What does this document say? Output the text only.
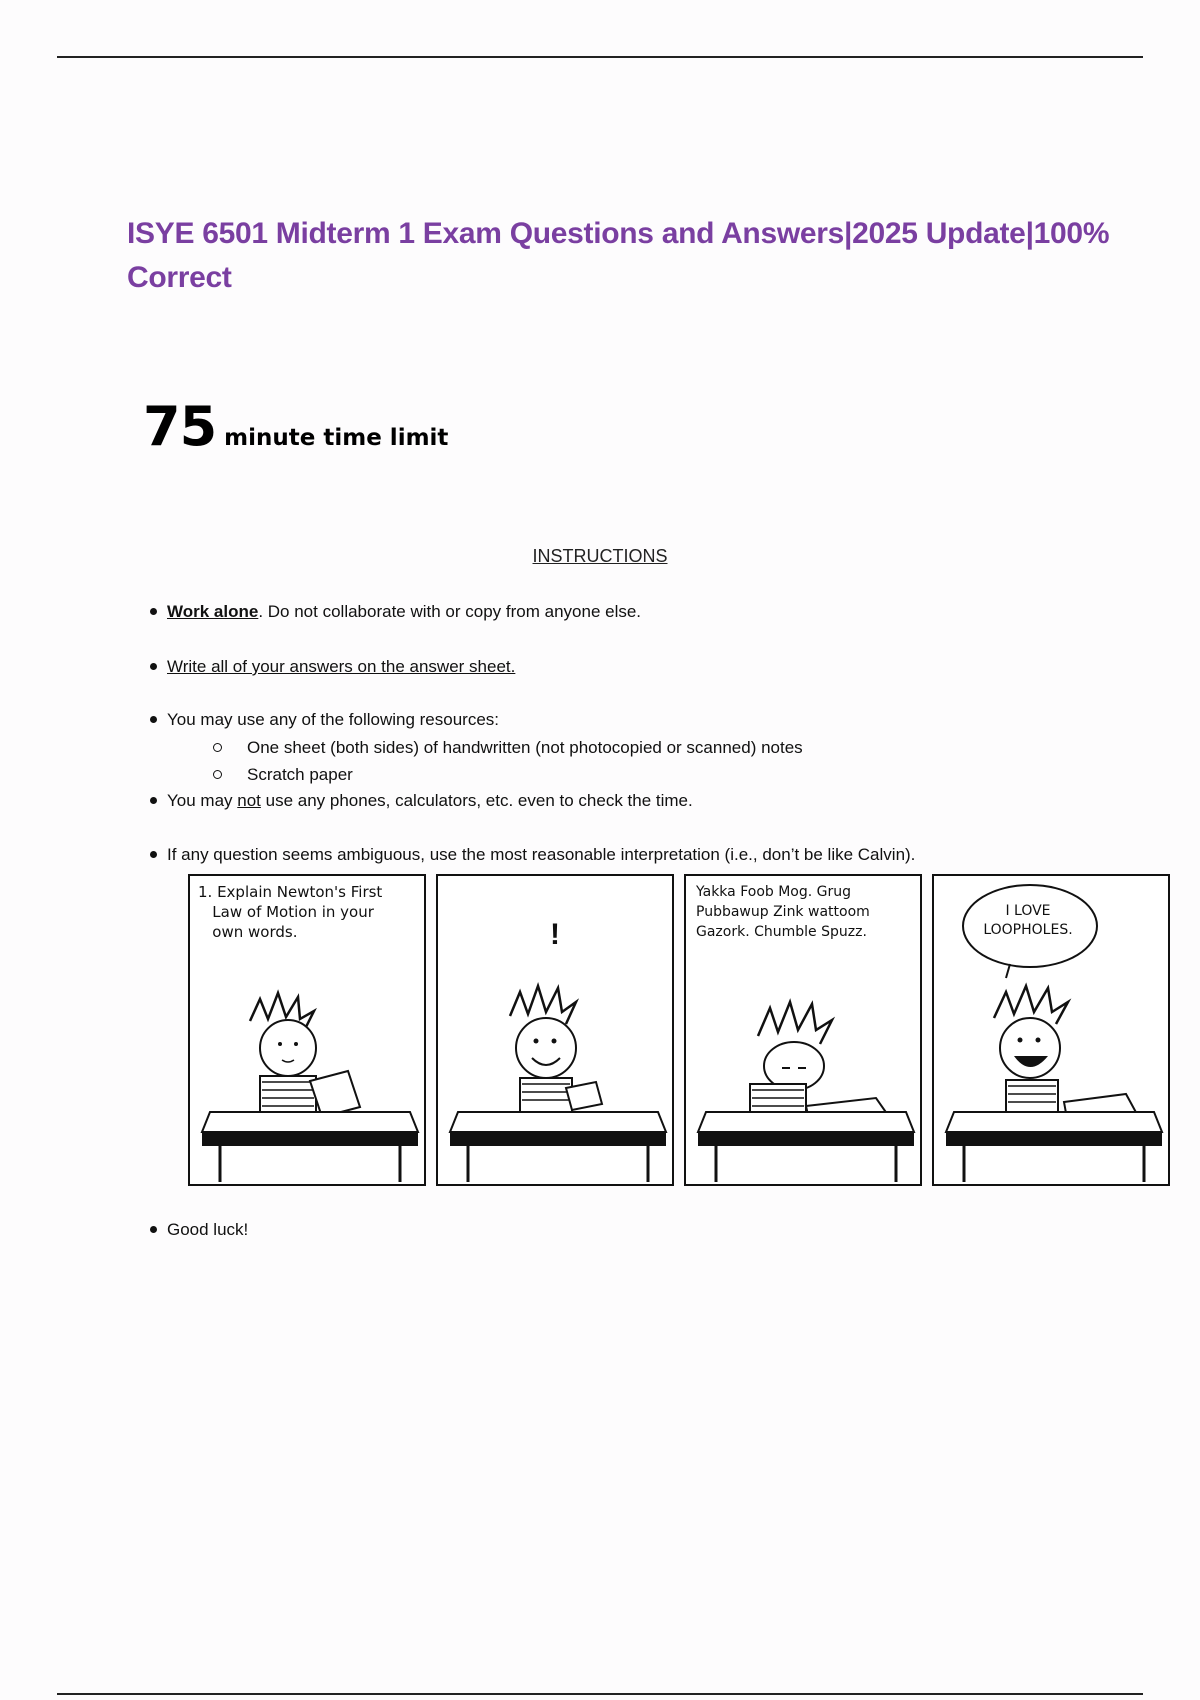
ISYE 6501 Midterm 1 Exam Questions and Answers|2025 Update|100% Correct
75 minute time limit
INSTRUCTIONS
Work alone. Do not collaborate with or copy from anyone else.
Write all of your answers on the answer sheet.
You may use any of the following resources:
One sheet (both sides) of handwritten (not photocopied or scanned) notes
Scratch paper
You may not use any phones, calculators, etc. even to check the time.
If any question seems ambiguous, use the most reasonable interpretation (i.e., don’t be like Calvin).
1. Explain Newton's First
Law of Motion in your
own words.	!
Yakka Foob Mog. Grug
Pubbawup Zink wattoom
Gazork. Chumble Spuzz.
I LOVE
LOOPHOLES.
Good luck!
